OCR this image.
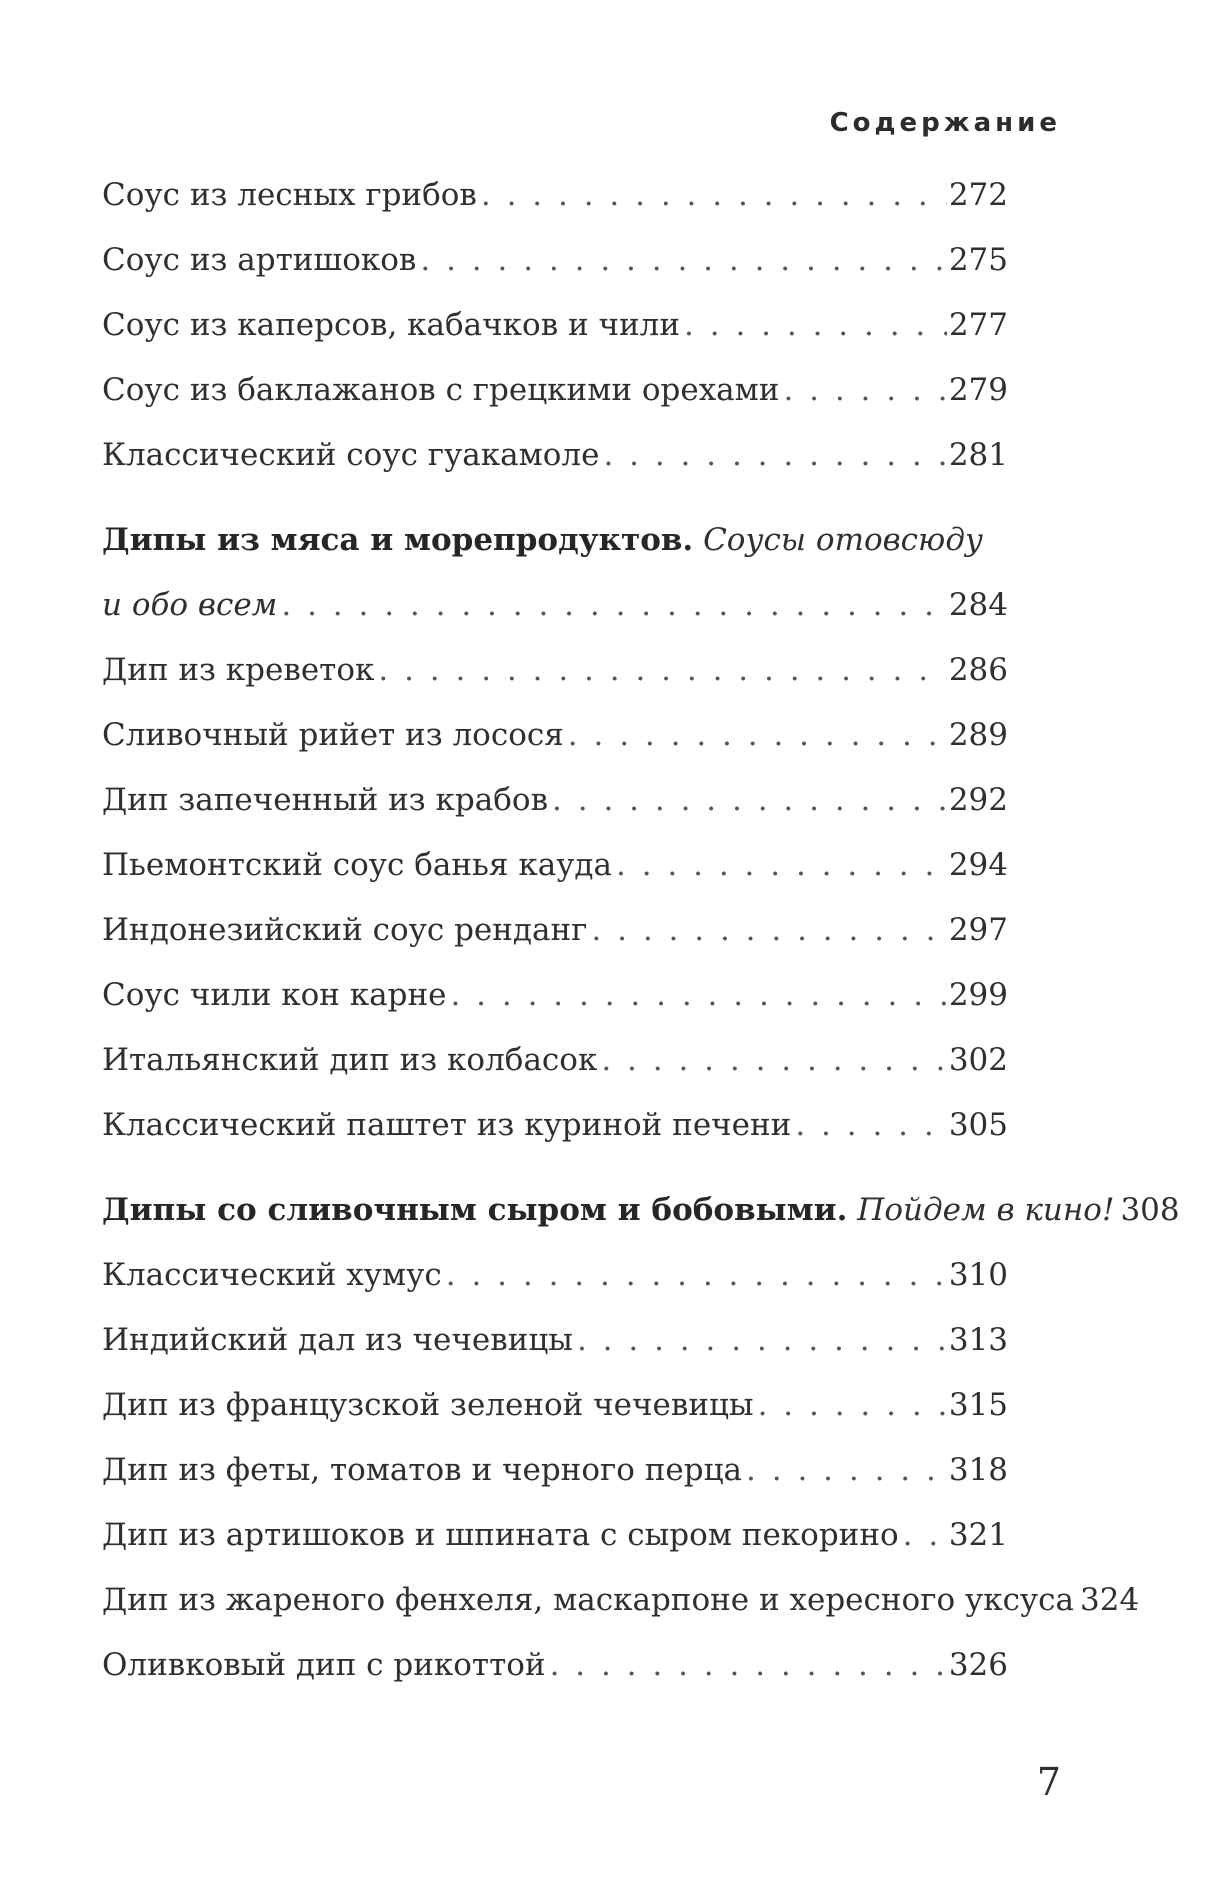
Содержание
Соус из лесных грибов . . .	272
Соус из артишоков . . .	275
Соус из каперсов, кабачков и чили . . .	277
Соус из баклажанов с грецкими орехами . . .	279
Классический соус гуакамоле . . .	281
Дипы из мяса и морепродуктов. Соусы отовсюду
и обо всем . . .	284
Дип из креветок . . .	286
Сливочный рийет из лосося . . .	289
Дип запеченный из крабов . . .	292
Пьемонтский соус банья кауда . . .	294
Индонезийский соус ренданг . . .	297
Соус чили кон карне . . .	299
Итальянский дип из колбасок . . .	302
Классический паштет из куриной печени . . .	305
Дипы со сливочным сыром и бобовыми. Пойдем в кино! 308
Классический хумус . . .	310
Индийский дал из чечевицы . . .	313
Дип из французской зеленой чечевицы . . .	315
Дип из феты, томатов и черного перца . . .	318
Дип из артишоков и шпината с сыром пекорино . . . 321
Дип из жареного фенхеля, маскарпоне и хересного уксуса 324
Оливковый дип с рикоттой . . .	326

7
